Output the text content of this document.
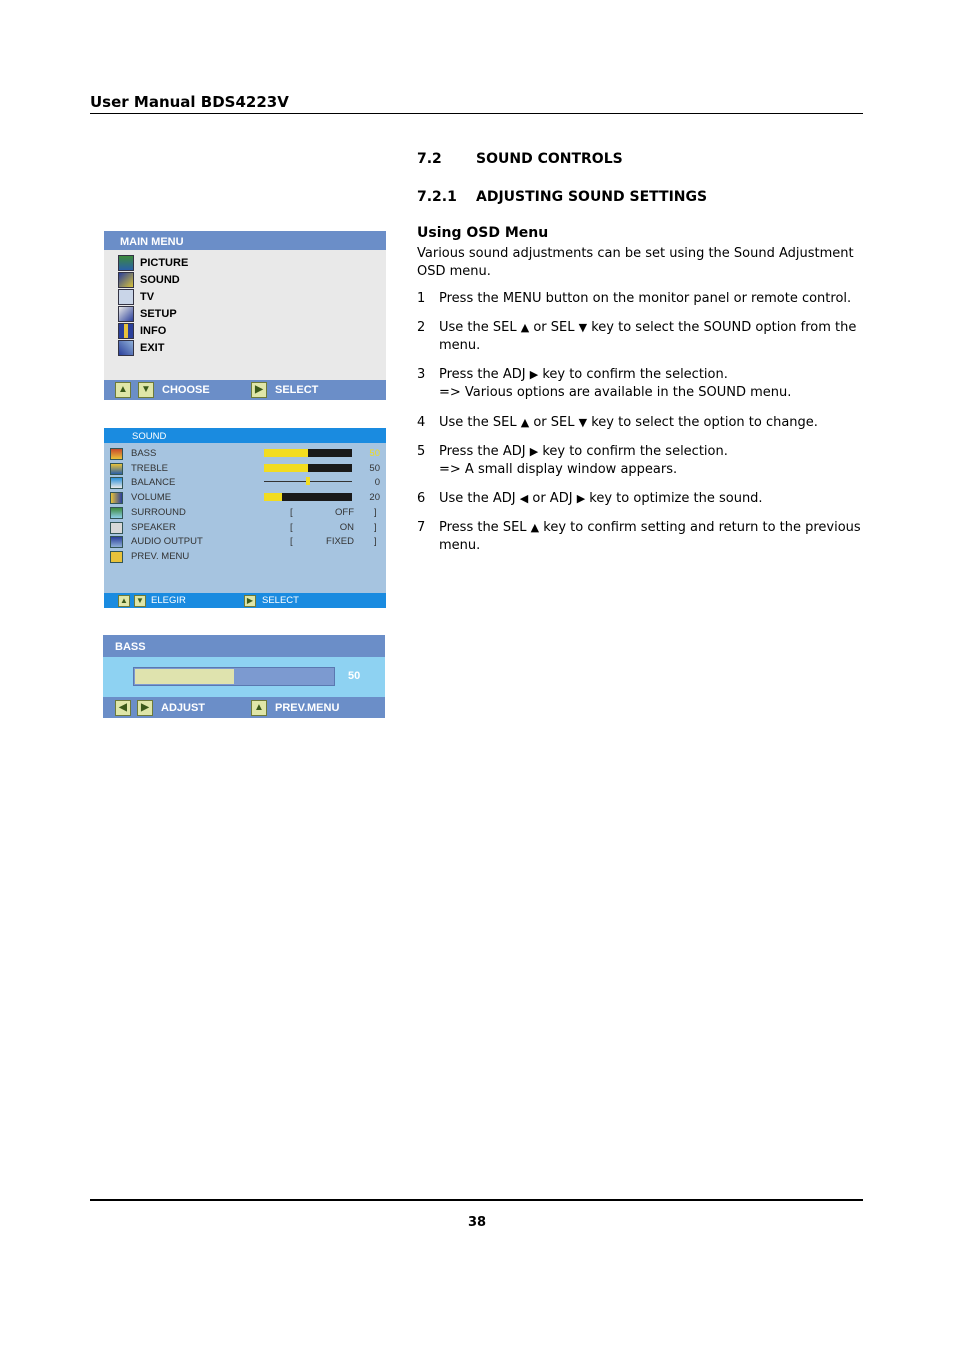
User Manual BDS4223V
7.2 SOUND CONTROLS
7.2.1 ADJUSTING SOUND SETTINGS
Using OSD Menu
Various sound adjustments can be set using the Sound Adjustment OSD menu.
1 Press the MENU button on the monitor panel or remote control.
2 Use the SEL ▲ or SEL ▼ key to select the SOUND option from the menu.
3 Press the ADJ ▶ key to confirm the selection.
=> Various options are available in the SOUND menu.
4 Use the SEL ▲ or SEL ▼ key to select the option to change.
5 Press the ADJ ▶ key to confirm the selection.
=> A small display window appears.
6 Use the ADJ ◀ or ADJ ▶ key to optimize the sound.
7 Press the SEL ▲ key to confirm setting and return to the previous menu.
MAIN MENU
PICTURE
SOUND
TV
SETUP
INFO
EXIT
▲	▼ CHOOSE	▶	SELECT
SOUND
BASS	50
TREBLE	50
BALANCE	0
VOLUME	20
SURROUND	[	OFF ]
SPEAKER	[	ON ]
AUDIO OUTPUT	[	FIXED ]
PREV. MENU
▲ ▼ ELEGIR	▶ SELECT
BASS
50
◀	▶	ADJUST	▲ PREV.MENU
38
